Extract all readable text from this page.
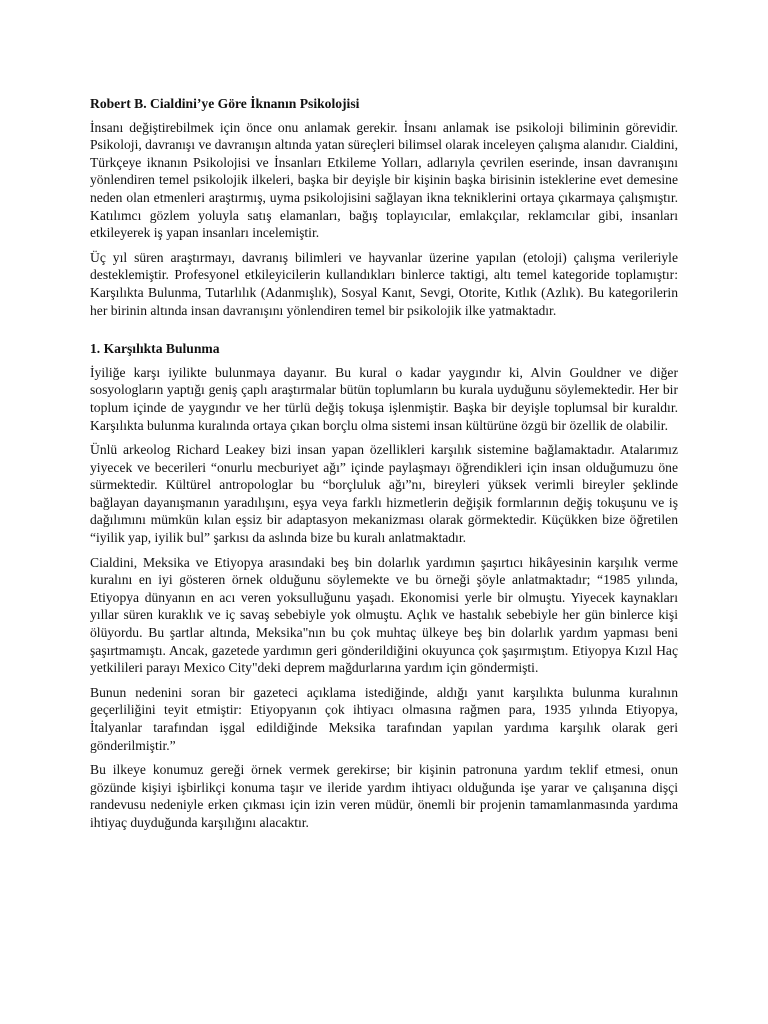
Robert B. Cialdini’ye Göre İknanın Psikolojisi

İnsanı değiştirebilmek için önce onu anlamak gerekir. İnsanı anlamak ise psikoloji biliminin görevidir. Psikoloji, davranışı ve davranışın altında yatan süreçleri bilimsel olarak inceleyen çalışma alanıdır. Cialdini, Türkçeye iknanın Psikolojisi ve İnsanları Etkileme Yolları, adlarıyla çevrilen eserinde, insan davranışını yönlendiren temel psikolojik ilkeleri, başka bir deyişle bir kişinin başka birisinin isteklerine evet demesine neden olan etmenleri araştırmış, uyma psikolojisini sağlayan ikna tekniklerini ortaya çıkarmaya çalışmıştır. Katılımcı gözlem yoluyla satış elamanları, bağış toplayıcılar, emlakçılar, reklamcılar gibi, insanları etkileyerek iş yapan insanları incelemiştir.

Üç yıl süren araştırmayı, davranış bilimleri ve hayvanlar üzerine yapılan (etoloji) çalışma verileriyle desteklemiştir. Profesyonel etkileyicilerin kullandıkları binlerce taktigi, altı temel kategoride toplamıştır: Karşılıkta Bulunma, Tutarlılık (Adanmışlık), Sosyal Kanıt, Sevgi, Otorite, Kıtlık (Azlık). Bu kategorilerin her birinin altında insan davranışını yönlendiren temel bir psikolojik ilke yatmaktadır.

1. Karşılıkta Bulunma

İyiliğe karşı iyilikte bulunmaya dayanır. Bu kural o kadar yaygındır ki, Alvin Gouldner ve diğer sosyologların yaptığı geniş çaplı araştırmalar bütün toplumların bu kurala uyduğunu söylemektedir. Her bir toplum içinde de yaygındır ve her türlü değiş tokuşa işlenmiştir. Başka bir deyişle toplumsal bir kuraldır. Karşılıkta bulunma kuralında ortaya çıkan borçlu olma sistemi insan kültürüne özgü bir özellik de olabilir.

Ünlü arkeolog Richard Leakey bizi insan yapan özellikleri karşılık sistemine bağlamaktadır. Atalarımız yiyecek ve becerileri “onurlu mecburiyet ağı” içinde paylaşmayı öğrendikleri için insan olduğumuzu öne sürmektedir. Kültürel antropologlar bu “borçluluk ağı”nı, bireyleri yüksek verimli bireyler şeklinde bağlayan dayanışmanın yaradılışını, eşya veya farklı hizmetlerin değişik formlarının değiş tokuşunu ve iş dağılımını mümkün kılan eşsiz bir adaptasyon mekanizması olarak görmektedir. Küçükken bize öğretilen “iyilik yap, iyilik bul” şarkısı da aslında bize bu kuralı anlatmaktadır.

Cialdini, Meksika ve Etiyopya arasındaki beş bin dolarlık yardımın şaşırtıcı hikâyesinin karşılık verme kuralını en iyi gösteren örnek olduğunu söylemekte ve bu örneği şöyle anlatmaktadır; “1985 yılında, Etiyopya dünyanın en acı veren yoksulluğunu yaşadı. Ekonomisi yerle bir olmuştu. Yiyecek kaynakları yıllar süren kuraklık ve iç savaş sebebiyle yok olmuştu. Açlık ve hastalık sebebiyle her gün binlerce kişi ölüyordu. Bu şartlar altında, Meksika"nın bu çok muhtaç ülkeye beş bin dolarlık yardım yapması beni şaşırtmamıştı. Ancak, gazetede yardımın geri gönderildiğini okuyunca çok şaşırmıştım. Etiyopya Kızıl Haç yetkilileri parayı Mexico City"deki deprem mağdurlarına yardım için göndermişti.

Bunun nedenini soran bir gazeteci açıklama istediğinde, aldığı yanıt karşılıkta bulunma kuralının geçerliliğini teyit etmiştir: Etiyopyanın çok ihtiyacı olmasına rağmen para, 1935 yılında Etiyopya, İtalyanlar tarafından işgal edildiğinde Meksika tarafından yapılan yardıma karşılık olarak geri gönderilmiştir.”

Bu ilkeye konumuz gereği örnek vermek gerekirse; bir kişinin patronuna yardım teklif etmesi, onun gözünde kişiyi işbirlikçi konuma taşır ve ileride yardım ihtiyacı olduğunda işe yarar ve çalışanına dişçi randevusu nedeniyle erken çıkması için izin veren müdür, önemli bir projenin tamamlanmasında yardıma ihtiyaç duyduğunda karşılığını alacaktır.
